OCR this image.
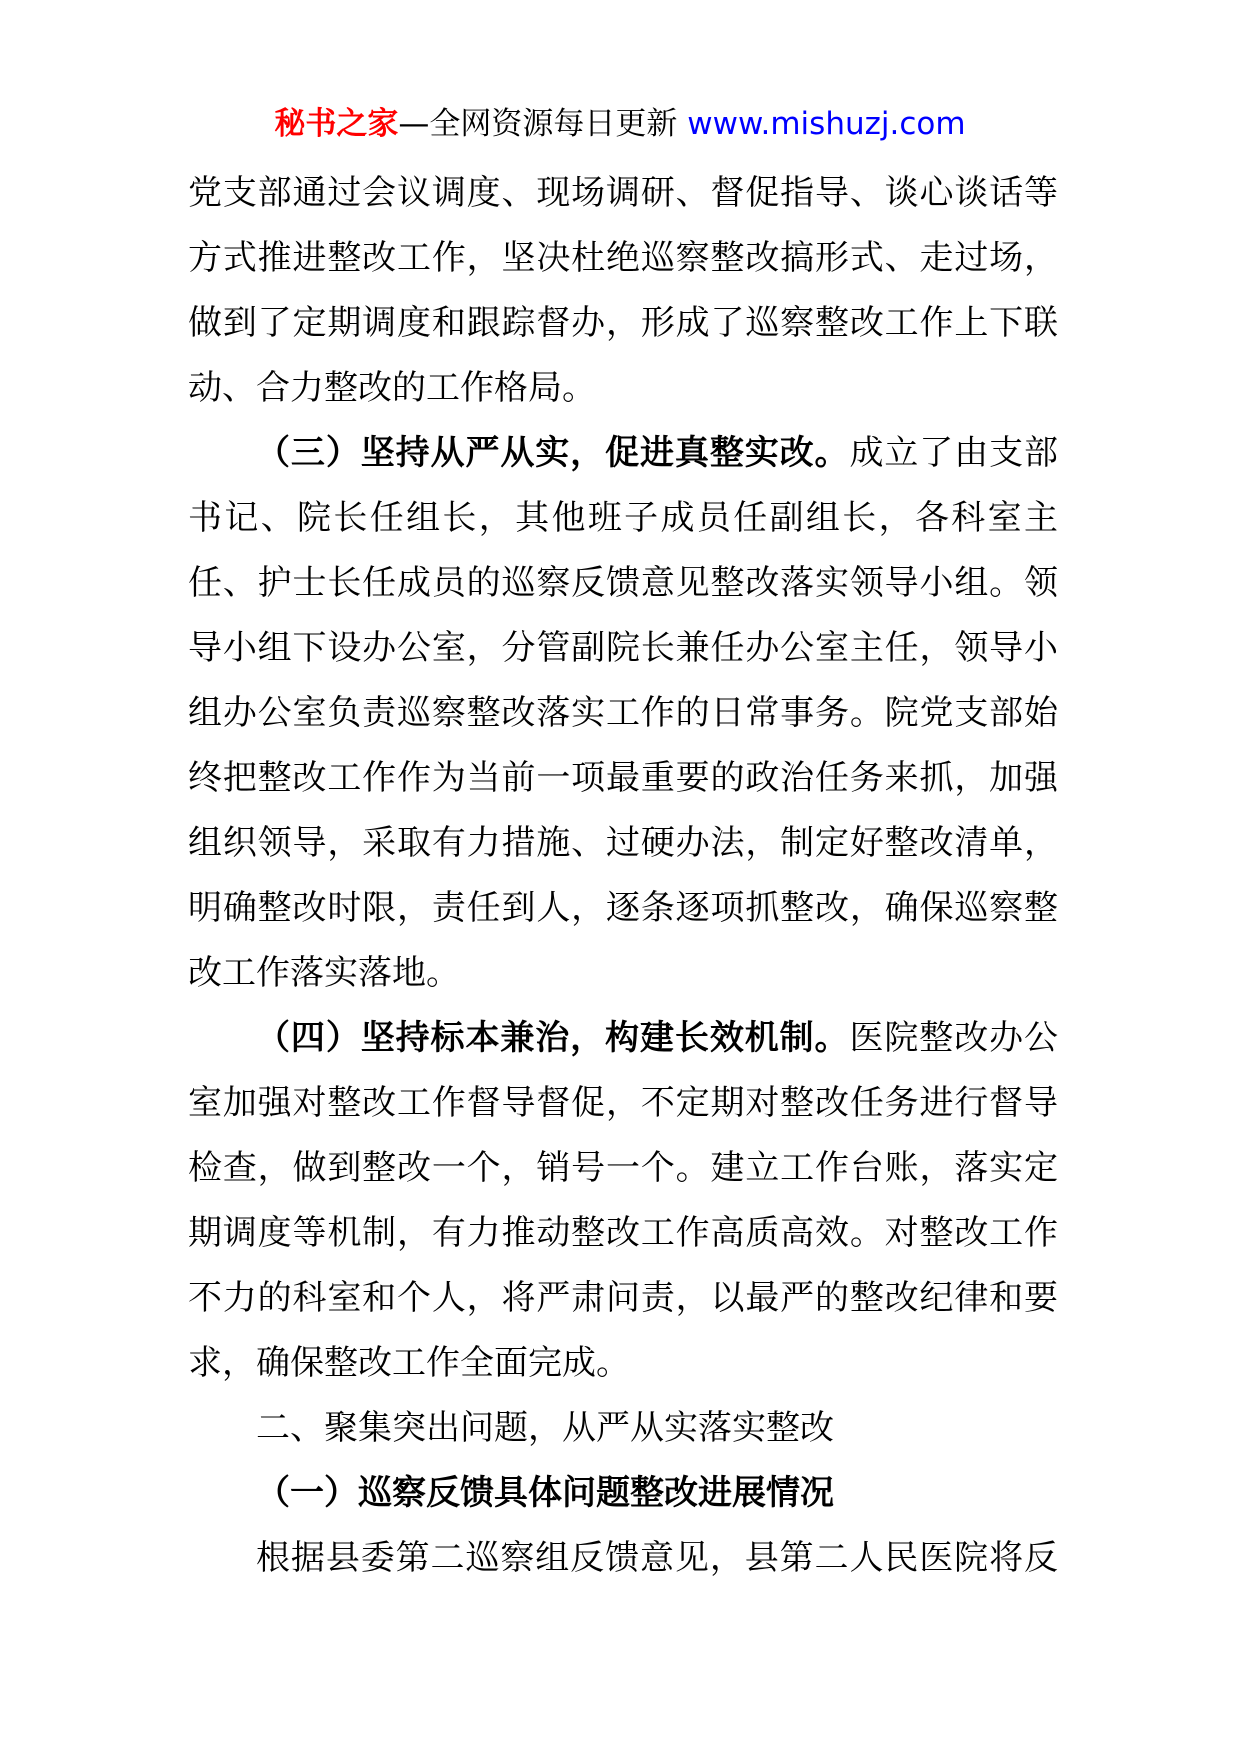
秘书之家—全网资源每日更新 www.mishuzj.com

党支部通过会议调度、现场调研、督促指导、谈心谈话等
方式推进整改工作，坚决杜绝巡察整改搞形式、走过场，
做到了定期调度和跟踪督办，形成了巡察整改工作上下联
动、合力整改的工作格局。

（三）坚持从严从实，促进真整实改。成立了由支部
书记、院长任组长，其他班子成员任副组长，各科室主
任、护士长任成员的巡察反馈意见整改落实领导小组。领
导小组下设办公室，分管副院长兼任办公室主任，领导小
组办公室负责巡察整改落实工作的日常事务。院党支部始
终把整改工作作为当前一项最重要的政治任务来抓，加强
组织领导，采取有力措施、过硬办法，制定好整改清单，
明确整改时限，责任到人，逐条逐项抓整改，确保巡察整
改工作落实落地。

（四）坚持标本兼治，构建长效机制。医院整改办公
室加强对整改工作督导督促，不定期对整改任务进行督导
检查，做到整改一个，销号一个。建立工作台账，落实定
期调度等机制，有力推动整改工作高质高效。对整改工作
不力的科室和个人，将严肃问责，以最严的整改纪律和要
求，确保整改工作全面完成。

二、聚集突出问题，从严从实落实整改

（一）巡察反馈具体问题整改进展情况

根据县委第二巡察组反馈意见，县第二人民医院将反
